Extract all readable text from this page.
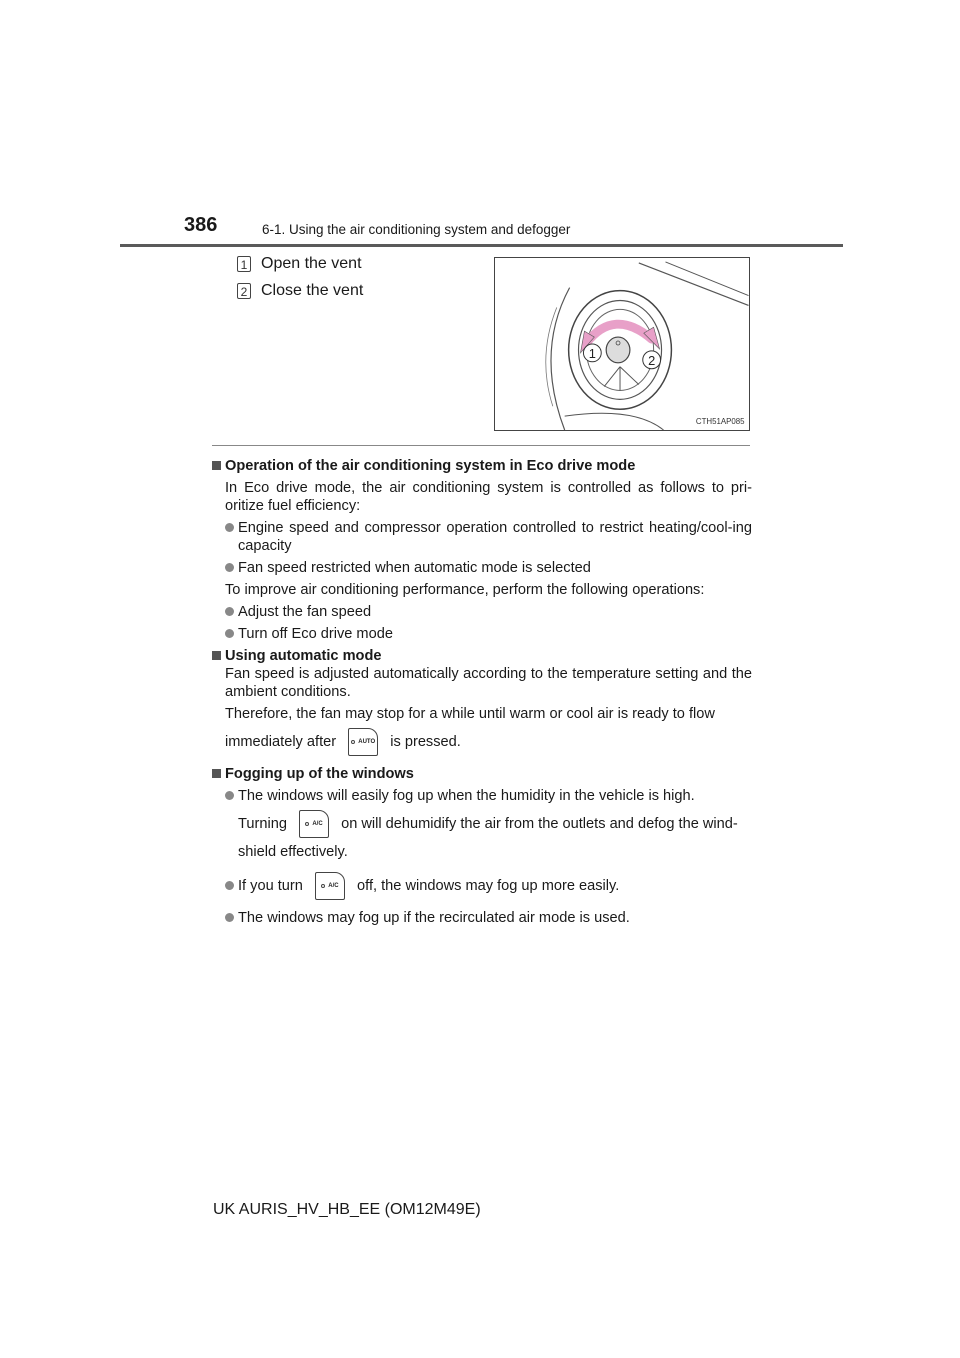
386	6-1. Using the air conditioning system and defogger
1 Open the vent
2 Close the vent
1	2
CTH51AP085
Operation of the air conditioning system in Eco drive mode
In Eco drive mode, the air conditioning system is controlled as follows to pri-oritize fuel efficiency:
Engine speed and compressor operation controlled to restrict heating/cool-ing capacity
Fan speed restricted when automatic mode is selected
To improve air conditioning performance, perform the following operations:
Adjust the fan speed
Turn off Eco drive mode
Using automatic mode
Fan speed is adjusted automatically according to the temperature setting and the ambient conditions.
Therefore, the fan may stop for a while until warm or cool air is ready to flow
immediately after	AUTO is pressed.
Fogging up of the windows
The windows will easily fog up when the humidity in the vehicle is high.
Turning	A/C on will dehumidify the air from the outlets and defog the wind-
shield effectively.
If you turn	A/C off, the windows may fog up more easily.
The windows may fog up if the recirculated air mode is used.
UK AURIS_HV_HB_EE (OM12M49E)
